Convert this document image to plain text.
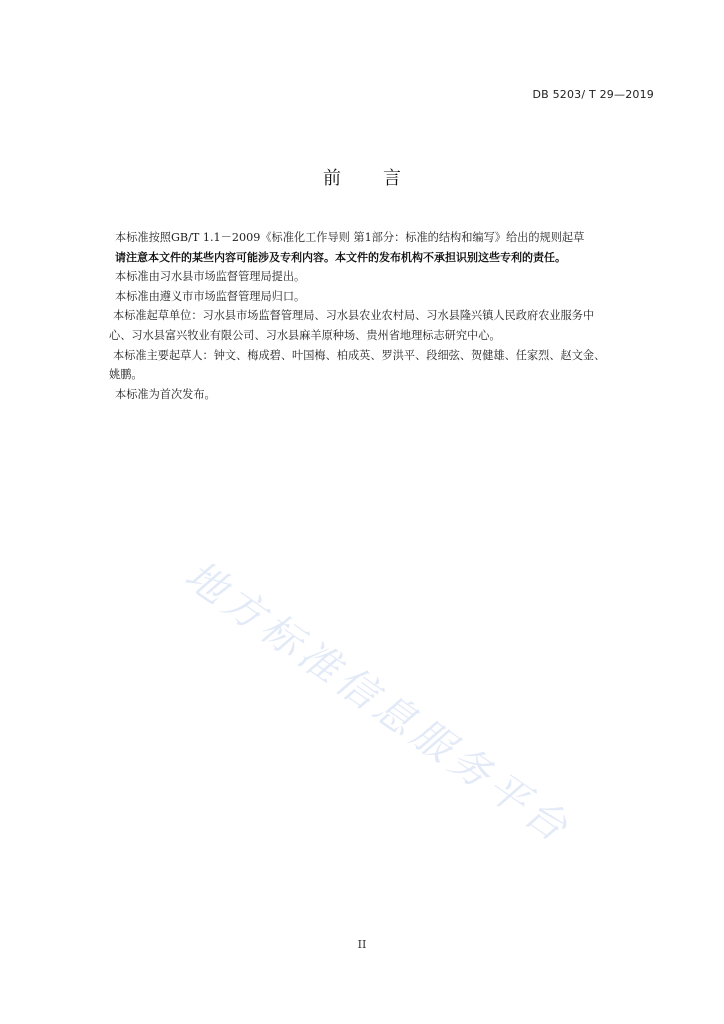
DB 5203/ T 29—2019
前言

本标准按照GB/T 1.1－2009《标准化工作导则 第1部分：标准的结构和编写》给出的规则起草

请注意本文件的某些内容可能涉及专利内容。本文件的发布机构不承担识别这些专利的责任。

本标准由习水县市场监督管理局提出。

本标准由遵义市市场监督管理局归口。

本标准起草单位：习水县市场监督管理局、习水县农业农村局、习水县隆兴镇人民政府农业服务中
心、习水县富兴牧业有限公司、习水县麻羊原种场、贵州省地理标志研究中心。
本标准主要起草人：钟文、梅成碧、叶国梅、柏成英、罗洪平、段细弦、贺健雄、任家烈、赵文金、
姚鹏。

本标准为首次发布。

地方标准信息服务平台
II
